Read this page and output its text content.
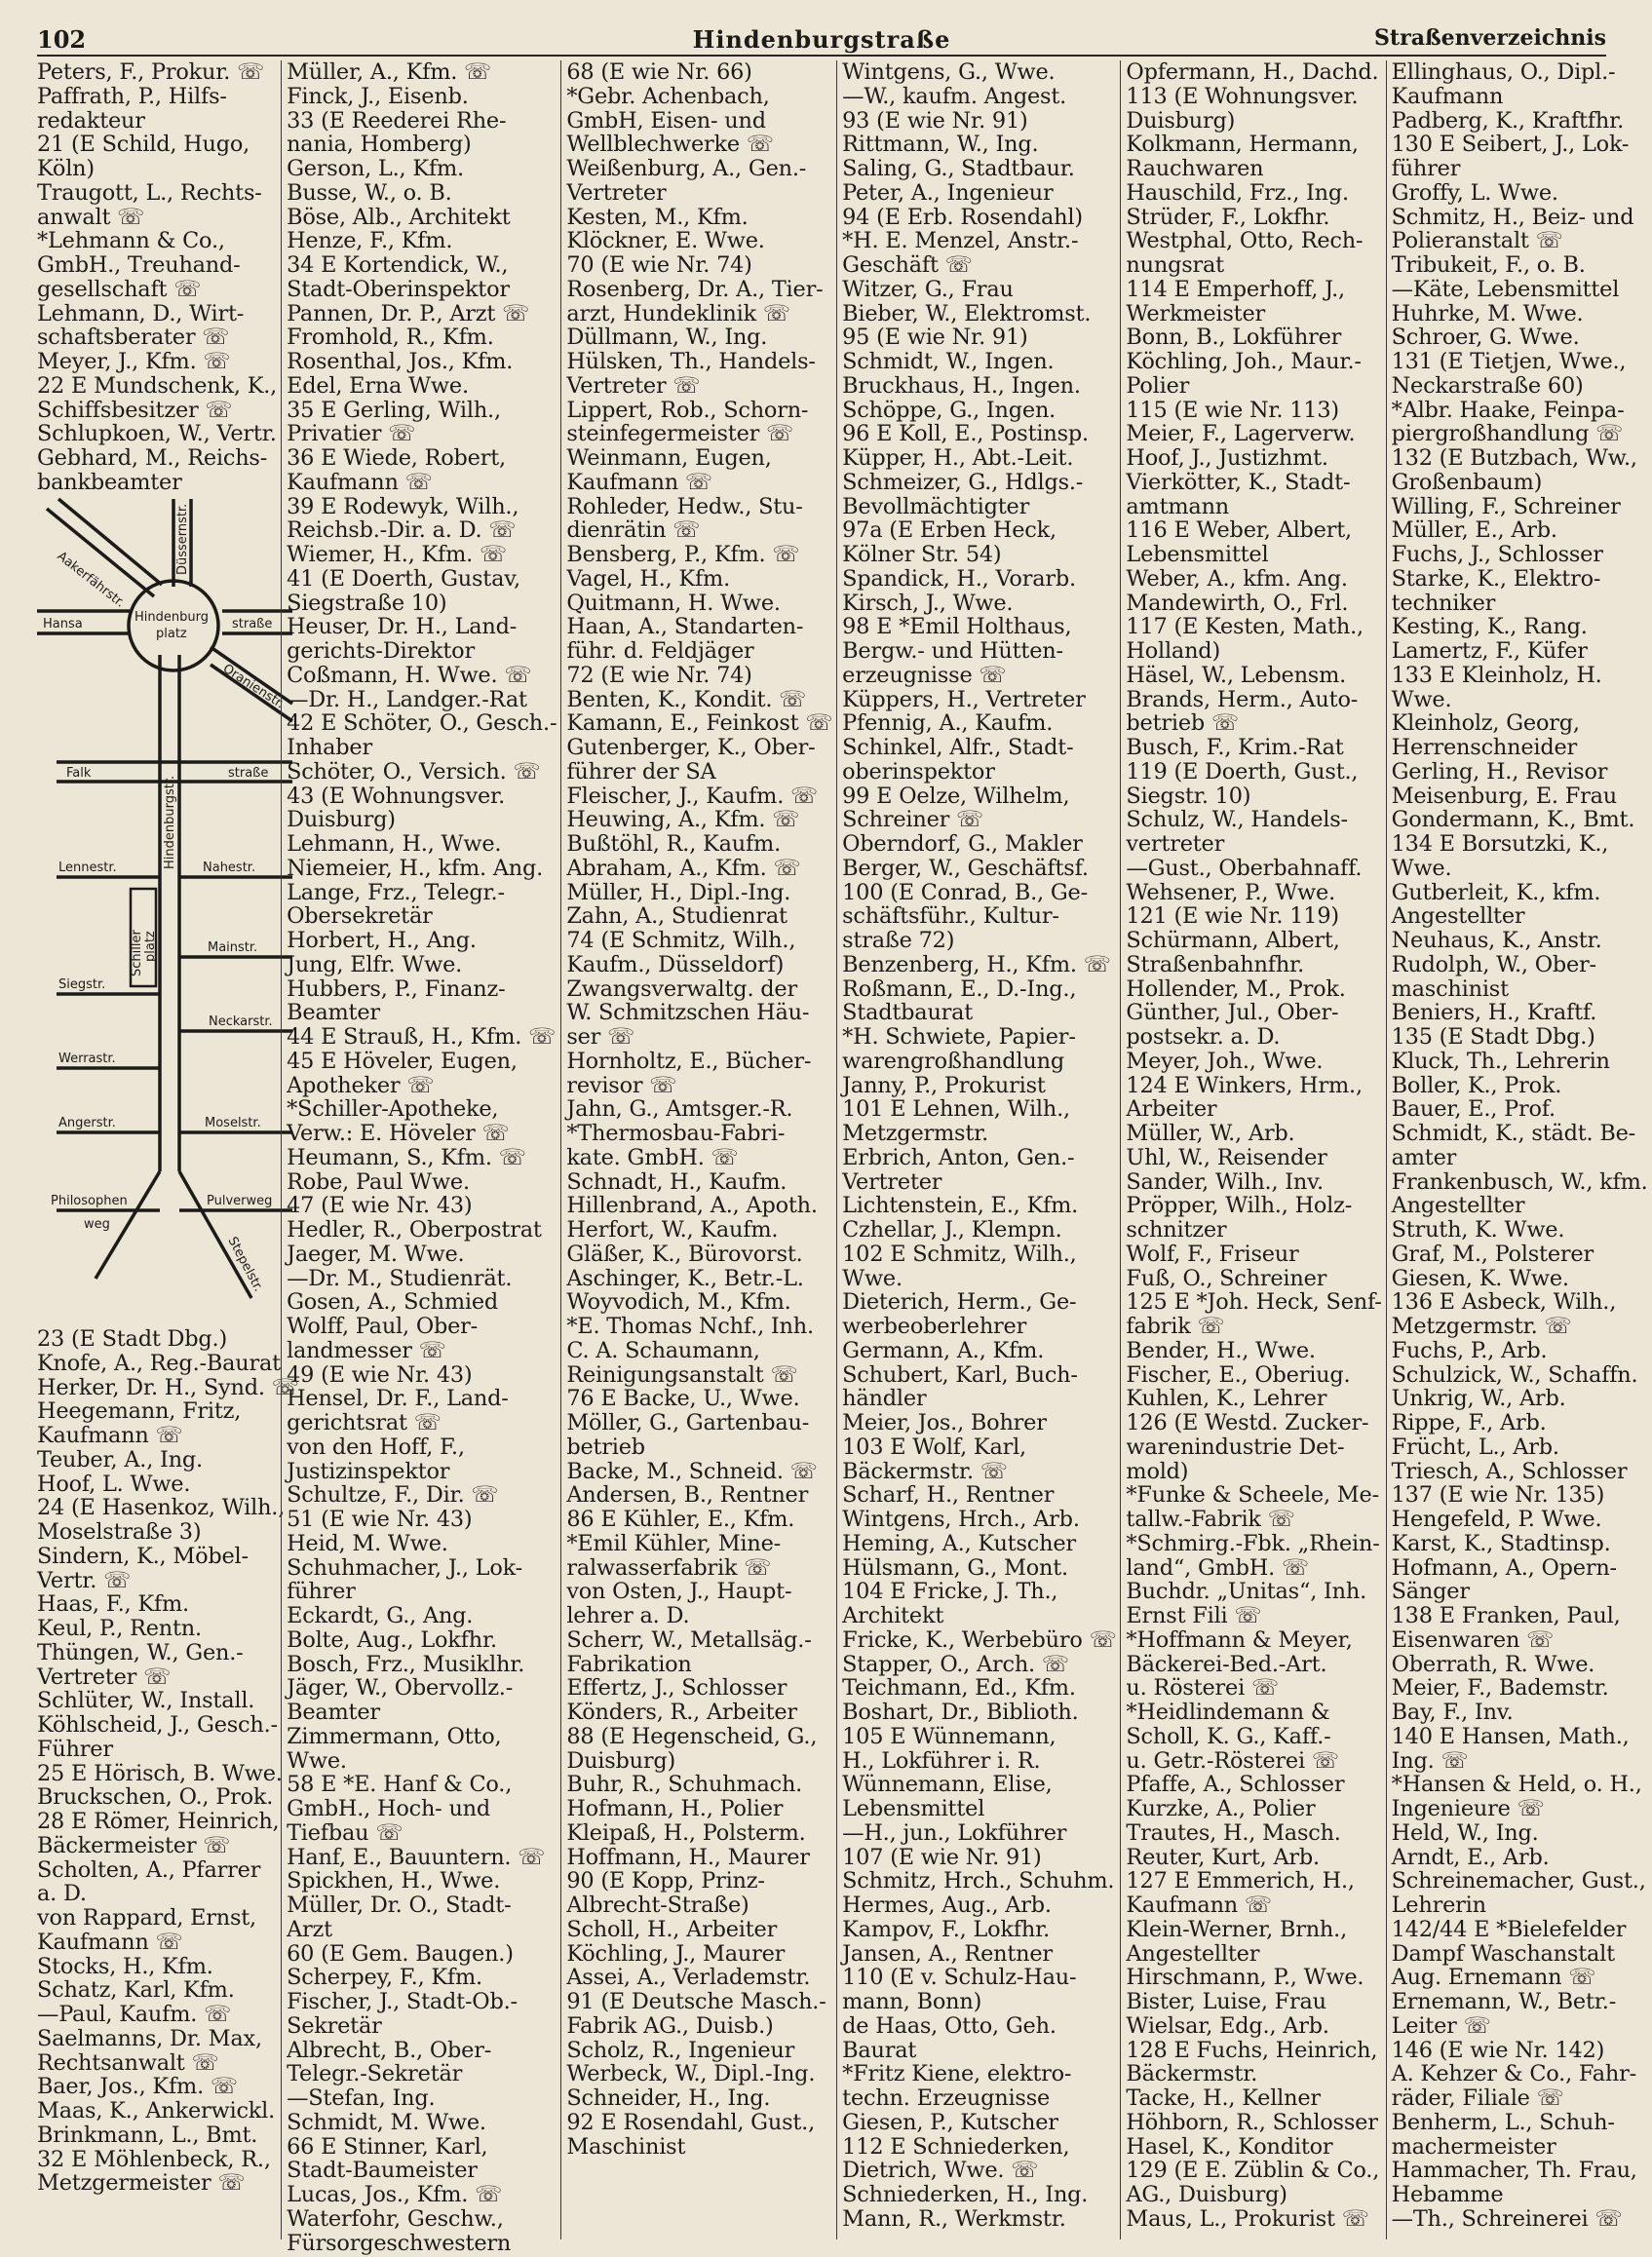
102	Hindenburgstraße	Straßenverzeichnis
Peters, F., Prokur. ☏
Paffrath, P., Hilfs-
redakteur
21 (E Schild, Hugo,
Köln)
Traugott, L., Rechts-
anwalt ☏
*Lehmann & Co.,
GmbH., Treuhand-
gesellschaft ☏
Lehmann, D., Wirt-
schaftsberater ☏
Meyer, J., Kfm. ☏
22 E Mundschenk, K.,
Schiffsbesitzer ☏
Schlupkoen, W., Vertr.
Gebhard, M., Reichs-
bankbeamter
Aakerfährstr.
Düssernstr.
Hansa	straße
Hindenburg
platz
Oranienstr.
Falk	straße
Hindenburgstr.
Lennestr.	Nahestr.
Schiller platz	Mainstr.
Siegstr.
Neckarstr.
Werrastr.
Angerstr.	Moselstr.
Philosophen
weg
Pulverweg
Stepelstr.
23 (E Stadt Dbg.)
Knofe, A., Reg.-Baurat
Herker, Dr. H., Synd. ☏
Heegemann, Fritz,
Kaufmann ☏
Teuber, A., Ing.
Hoof, L. Wwe.
24 (E Hasenkoz, Wilh.,
Moselstraße 3)
Sindern, K., Möbel-
Vertr. ☏
Haas, F., Kfm.
Keul, P., Rentn.
Thüngen, W., Gen.-
Vertreter ☏
Schlüter, W., Install.
Köhlscheid, J., Gesch.-
Führer
25 E Hörisch, B. Wwe.
Bruckschen, O., Prok.
28 E Römer, Heinrich,
Bäckermeister ☏
Scholten, A., Pfarrer
a. D.
von Rappard, Ernst,
Kaufmann ☏
Stocks, H., Kfm.
Schatz, Karl, Kfm.
—Paul, Kaufm. ☏
Saelmanns, Dr. Max,
Rechtsanwalt ☏
Baer, Jos., Kfm. ☏
Maas, K., Ankerwickl.
Brinkmann, L., Bmt.
32 E Möhlenbeck, R.,
Metzgermeister ☏
Müller, A., Kfm. ☏
Finck, J., Eisenb.
33 (E Reederei Rhe-
nania, Homberg)
Gerson, L., Kfm.
Busse, W., o. B.
Böse, Alb., Architekt
Henze, F., Kfm.
34 E Kortendick, W.,
Stadt-Oberinspektor
Pannen, Dr. P., Arzt ☏
Fromhold, R., Kfm.
Rosenthal, Jos., Kfm.
Edel, Erna Wwe.
35 E Gerling, Wilh.,
Privatier ☏
36 E Wiede, Robert,
Kaufmann ☏
39 E Rodewyk, Wilh.,
Reichsb.-Dir. a. D. ☏
Wiemer, H., Kfm. ☏
41 (E Doerth, Gustav,
Siegstraße 10)
Heuser, Dr. H., Land-
gerichts-Direktor
Coßmann, H. Wwe. ☏
—Dr. H., Landger.-Rat
42 E Schöter, O., Gesch.-
Inhaber
Schöter, O., Versich. ☏
43 (E Wohnungsver.
Duisburg)
Lehmann, H., Wwe.
Niemeier, H., kfm. Ang.
Lange, Frz., Telegr.-
Obersekretär
Horbert, H., Ang.
Jung, Elfr. Wwe.
Hubbers, P., Finanz-
Beamter
44 E Strauß, H., Kfm. ☏
45 E Höveler, Eugen,
Apotheker ☏
*Schiller-Apotheke,
Verw.: E. Höveler ☏
Heumann, S., Kfm. ☏
Robe, Paul Wwe.
47 (E wie Nr. 43)
Hedler, R., Oberpostrat
Jaeger, M. Wwe.
—Dr. M., Studienrät.
Gosen, A., Schmied
Wolff, Paul, Ober-
landmesser ☏
49 (E wie Nr. 43)
Hensel, Dr. F., Land-
gerichtsrat ☏
von den Hoff, F.,
Justizinspektor
Schultze, F., Dir. ☏
51 (E wie Nr. 43)
Heid, M. Wwe.
Schuhmacher, J., Lok-
führer
Eckardt, G., Ang.
Bolte, Aug., Lokfhr.
Bosch, Frz., Musiklhr.
Jäger, W., Obervollz.-
Beamter
Zimmermann, Otto,
Wwe.
58 E *E. Hanf & Co.,
GmbH., Hoch- und
Tiefbau ☏
Hanf, E., Bauuntern. ☏
Spickhen, H., Wwe.
Müller, Dr. O., Stadt-
Arzt
60 (E Gem. Baugen.)
Scherpey, F., Kfm.
Fischer, J., Stadt-Ob.-
Sekretär
Albrecht, B., Ober-
Telegr.-Sekretär
—Stefan, Ing.
Schmidt, M. Wwe.
66 E Stinner, Karl,
Stadt-Baumeister
Lucas, Jos., Kfm. ☏
Waterfohr, Geschw.,
Fürsorgeschwestern
68 (E wie Nr. 66)
*Gebr. Achenbach,
GmbH, Eisen- und
Wellblechwerke ☏
Weißenburg, A., Gen.-
Vertreter
Kesten, M., Kfm.
Klöckner, E. Wwe.
70 (E wie Nr. 74)
Rosenberg, Dr. A., Tier-
arzt, Hundeklinik ☏
Düllmann, W., Ing.
Hülsken, Th., Handels-
Vertreter ☏
Lippert, Rob., Schorn-
steinfegermeister ☏
Weinmann, Eugen,
Kaufmann ☏
Rohleder, Hedw., Stu-
dienrätin ☏
Bensberg, P., Kfm. ☏
Vagel, H., Kfm.
Quitmann, H. Wwe.
Haan, A., Standarten-
führ. d. Feldjäger
72 (E wie Nr. 74)
Benten, K., Kondit. ☏
Kamann, E., Feinkost ☏
Gutenberger, K., Ober-
führer der SA
Fleischer, J., Kaufm. ☏
Heuwing, A., Kfm. ☏
Bußtöhl, R., Kaufm.
Abraham, A., Kfm. ☏
Müller, H., Dipl.-Ing.
Zahn, A., Studienrat
74 (E Schmitz, Wilh.,
Kaufm., Düsseldorf)
Zwangsverwaltg. der
W. Schmitzschen Häu-
ser ☏
Hornholtz, E., Bücher-
revisor ☏
Jahn, G., Amtsger.-R.
*Thermosbau-Fabri-
kate. GmbH. ☏
Schnadt, H., Kaufm.
Hillenbrand, A., Apoth.
Herfort, W., Kaufm.
Gläßer, K., Bürovorst.
Aschinger, K., Betr.-L.
Woyvodich, M., Kfm.
*E. Thomas Nchf., Inh.
C. A. Schaumann,
Reinigungsanstalt ☏
76 E Backe, U., Wwe.
Möller, G., Gartenbau-
betrieb
Backe, M., Schneid. ☏
Andersen, B., Rentner
86 E Kühler, E., Kfm.
*Emil Kühler, Mine-
ralwasserfabrik ☏
von Osten, J., Haupt-
lehrer a. D.
Scherr, W., Metallsäg.-
Fabrikation
Effertz, J., Schlosser
Könders, R., Arbeiter
88 (E Hegenscheid, G.,
Duisburg)
Buhr, R., Schuhmach.
Hofmann, H., Polier
Kleipaß, H., Polsterm.
Hoffmann, H., Maurer
90 (E Kopp, Prinz-
Albrecht-Straße)
Scholl, H., Arbeiter
Köchling, J., Maurer
Assei, A., Verlademstr.
91 (E Deutsche Masch.-
Fabrik AG., Duisb.)
Scholz, R., Ingenieur
Werbeck, W., Dipl.-Ing.
Schneider, H., Ing.
92 E Rosendahl, Gust.,
Maschinist
Wintgens, G., Wwe.
—W., kaufm. Angest.
93 (E wie Nr. 91)
Rittmann, W., Ing.
Saling, G., Stadtbaur.
Peter, A., Ingenieur
94 (E Erb. Rosendahl)
*H. E. Menzel, Anstr.-
Geschäft ☏
Witzer, G., Frau
Bieber, W., Elektromst.
95 (E wie Nr. 91)
Schmidt, W., Ingen.
Bruckhaus, H., Ingen.
Schöppe, G., Ingen.
96 E Koll, E., Postinsp.
Küpper, H., Abt.-Leit.
Schmeizer, G., Hdlgs.-
Bevollmächtigter
97a (E Erben Heck,
Kölner Str. 54)
Spandick, H., Vorarb.
Kirsch, J., Wwe.
98 E *Emil Holthaus,
Bergw.- und Hütten-
erzeugnisse ☏
Küppers, H., Vertreter
Pfennig, A., Kaufm.
Schinkel, Alfr., Stadt-
oberinspektor
99 E Oelze, Wilhelm,
Schreiner ☏
Oberndorf, G., Makler
Berger, W., Geschäftsf.
100 (E Conrad, B., Ge-
schäftsführ., Kultur-
straße 72)
Benzenberg, H., Kfm. ☏
Roßmann, E., D.-Ing.,
Stadtbaurat
*H. Schwiete, Papier-
warengroßhandlung
Janny, P., Prokurist
101 E Lehnen, Wilh.,
Metzgermstr.
Erbrich, Anton, Gen.-
Vertreter
Lichtenstein, E., Kfm.
Czhellar, J., Klempn.
102 E Schmitz, Wilh.,
Wwe.
Dieterich, Herm., Ge-
werbeoberlehrer
Germann, A., Kfm.
Schubert, Karl, Buch-
händler
Meier, Jos., Bohrer
103 E Wolf, Karl,
Bäckermstr. ☏
Scharf, H., Rentner
Wintgens, Hrch., Arb.
Heming, A., Kutscher
Hülsmann, G., Mont.
104 E Fricke, J. Th.,
Architekt
Fricke, K., Werbebüro ☏
Stapper, O., Arch. ☏
Teichmann, Ed., Kfm.
Boshart, Dr., Biblioth.
105 E Wünnemann,
H., Lokführer i. R.
Wünnemann, Elise,
Lebensmittel
—H., jun., Lokführer
107 (E wie Nr. 91)
Schmitz, Hrch., Schuhm.
Hermes, Aug., Arb.
Kampov, F., Lokfhr.
Jansen, A., Rentner
110 (E v. Schulz-Hau-
mann, Bonn)
de Haas, Otto, Geh.
Baurat
*Fritz Kiene, elektro-
techn. Erzeugnisse
Giesen, P., Kutscher
112 E Schniederken,
Dietrich, Wwe. ☏
Schniederken, H., Ing.
Mann, R., Werkmstr.
Opfermann, H., Dachd.
113 (E Wohnungsver.
Duisburg)
Kolkmann, Hermann,
Rauchwaren
Hauschild, Frz., Ing.
Strüder, F., Lokfhr.
Westphal, Otto, Rech-
nungsrat
114 E Emperhoff, J.,
Werkmeister
Bonn, B., Lokführer
Köchling, Joh., Maur.-
Polier
115 (E wie Nr. 113)
Meier, F., Lagerverw.
Hoof, J., Justizhmt.
Vierkötter, K., Stadt-
amtmann
116 E Weber, Albert,
Lebensmittel
Weber, A., kfm. Ang.
Mandewirth, O., Frl.
117 (E Kesten, Math.,
Holland)
Häsel, W., Lebensm.
Brands, Herm., Auto-
betrieb ☏
Busch, F., Krim.-Rat
119 (E Doerth, Gust.,
Siegstr. 10)
Schulz, W., Handels-
vertreter
—Gust., Oberbahnaff.
Wehsener, P., Wwe.
121 (E wie Nr. 119)
Schürmann, Albert,
Straßenbahnfhr.
Hollender, M., Prok.
Günther, Jul., Ober-
postsekr. a. D.
Meyer, Joh., Wwe.
124 E Winkers, Hrm.,
Arbeiter
Müller, W., Arb.
Uhl, W., Reisender
Sander, Wilh., Inv.
Pröpper, Wilh., Holz-
schnitzer
Wolf, F., Friseur
Fuß, O., Schreiner
125 E *Joh. Heck, Senf-
fabrik ☏
Bender, H., Wwe.
Fischer, E., Oberiug.
Kuhlen, K., Lehrer
126 (E Westd. Zucker-
warenindustrie Det-
mold)
*Funke & Scheele, Me-
tallw.-Fabrik ☏
*Schmirg.-Fbk. „Rhein-
land“, GmbH. ☏
Buchdr. „Unitas“, Inh.
Ernst Fili ☏
*Hoffmann & Meyer,
Bäckerei-Bed.-Art.
u. Rösterei ☏
*Heidlindemann &
Scholl, K. G., Kaff.-
u. Getr.-Rösterei ☏
Pfaffe, A., Schlosser
Kurzke, A., Polier
Trautes, H., Masch.
Reuter, Kurt, Arb.
127 E Emmerich, H.,
Kaufmann ☏
Klein-Werner, Brnh.,
Angestellter
Hirschmann, P., Wwe.
Bister, Luise, Frau
Wielsar, Edg., Arb.
128 E Fuchs, Heinrich,
Bäckermstr.
Tacke, H., Kellner
Höhborn, R., Schlosser
Hasel, K., Konditor
129 (E E. Züblin & Co.,
AG., Duisburg)
Maus, L., Prokurist ☏
Ellinghaus, O., Dipl.-
Kaufmann
Padberg, K., Kraftfhr.
130 E Seibert, J., Lok-
führer
Groffy, L. Wwe.
Schmitz, H., Beiz- und
Polieranstalt ☏
Tribukeit, F., o. B.
—Käte, Lebensmittel
Huhrke, M. Wwe.
Schroer, G. Wwe.
131 (E Tietjen, Wwe.,
Neckarstraße 60)
*Albr. Haake, Feinpa-
piergroßhandlung ☏
132 (E Butzbach, Ww.,
Großenbaum)
Willing, F., Schreiner
Müller, E., Arb.
Fuchs, J., Schlosser
Starke, K., Elektro-
techniker
Kesting, K., Rang.
Lamertz, F., Küfer
133 E Kleinholz, H.
Wwe.
Kleinholz, Georg,
Herrenschneider
Gerling, H., Revisor
Meisenburg, E. Frau
Gondermann, K., Bmt.
134 E Borsutzki, K.,
Wwe.
Gutberleit, K., kfm.
Angestellter
Neuhaus, K., Anstr.
Rudolph, W., Ober-
maschinist
Beniers, H., Kraftf.
135 (E Stadt Dbg.)
Kluck, Th., Lehrerin
Boller, K., Prok.
Bauer, E., Prof.
Schmidt, K., städt. Be-
amter
Frankenbusch, W., kfm.
Angestellter
Struth, K. Wwe.
Graf, M., Polsterer
Giesen, K. Wwe.
136 E Asbeck, Wilh.,
Metzgermstr. ☏
Fuchs, P., Arb.
Schulzick, W., Schaffn.
Unkrig, W., Arb.
Rippe, F., Arb.
Frücht, L., Arb.
Triesch, A., Schlosser
137 (E wie Nr. 135)
Hengefeld, P. Wwe.
Karst, K., Stadtinsp.
Hofmann, A., Opern-
Sänger
138 E Franken, Paul,
Eisenwaren ☏
Oberrath, R. Wwe.
Meier, F., Bademstr.
Bay, F., Inv.
140 E Hansen, Math.,
Ing. ☏
*Hansen & Held, o. H.,
Ingenieure ☏
Held, W., Ing.
Arndt, E., Arb.
Schreinemacher, Gust.,
Lehrerin
142/44 E *Bielefelder
Dampf Waschanstalt
Aug. Ernemann ☏
Ernemann, W., Betr.-
Leiter ☏
146 (E wie Nr. 142)
A. Kehzer & Co., Fahr-
räder, Filiale ☏
Benherm, L., Schuh-
machermeister
Hammacher, Th. Frau,
Hebamme
—Th., Schreinerei ☏
